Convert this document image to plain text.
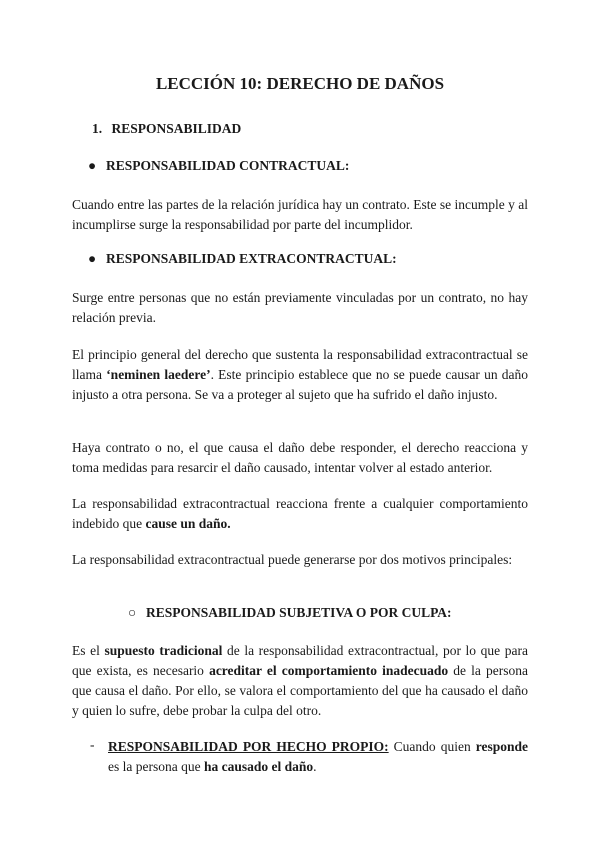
LECCIÓN 10: DERECHO DE DAÑOS
1. RESPONSABILIDAD
● RESPONSABILIDAD CONTRACTUAL:

Cuando entre las partes de la relación jurídica hay un contrato. Este se incumple y al incumplirse surge la responsabilidad por parte del incumplidor.

● RESPONSABILIDAD EXTRACONTRACTUAL:

Surge entre personas que no están previamente vinculadas por un contrato, no hay relación previa.

El principio general del derecho que sustenta la responsabilidad extracontractual se llama ‘neminen laedere’. Este principio establece que no se puede causar un daño injusto a otra persona. Se va a proteger al sujeto que ha sufrido el daño injusto.

Haya contrato o no, el que causa el daño debe responder, el derecho reacciona y toma medidas para resarcir el daño causado, intentar volver al estado anterior.

La responsabilidad extracontractual reacciona frente a cualquier comportamiento indebido que cause un daño.

La responsabilidad extracontractual puede generarse por dos motivos principales:

○ RESPONSABILIDAD SUBJETIVA O POR CULPA:

Es el supuesto tradicional de la responsabilidad extracontractual, por lo que para que exista, es necesario acreditar el comportamiento inadecuado de la persona que causa el daño. Por ello, se valora el comportamiento del que ha causado el daño y quien lo sufre, debe probar la culpa del otro.

- RESPONSABILIDAD POR HECHO PROPIO: Cuando quien responde es la persona que ha causado el daño.
